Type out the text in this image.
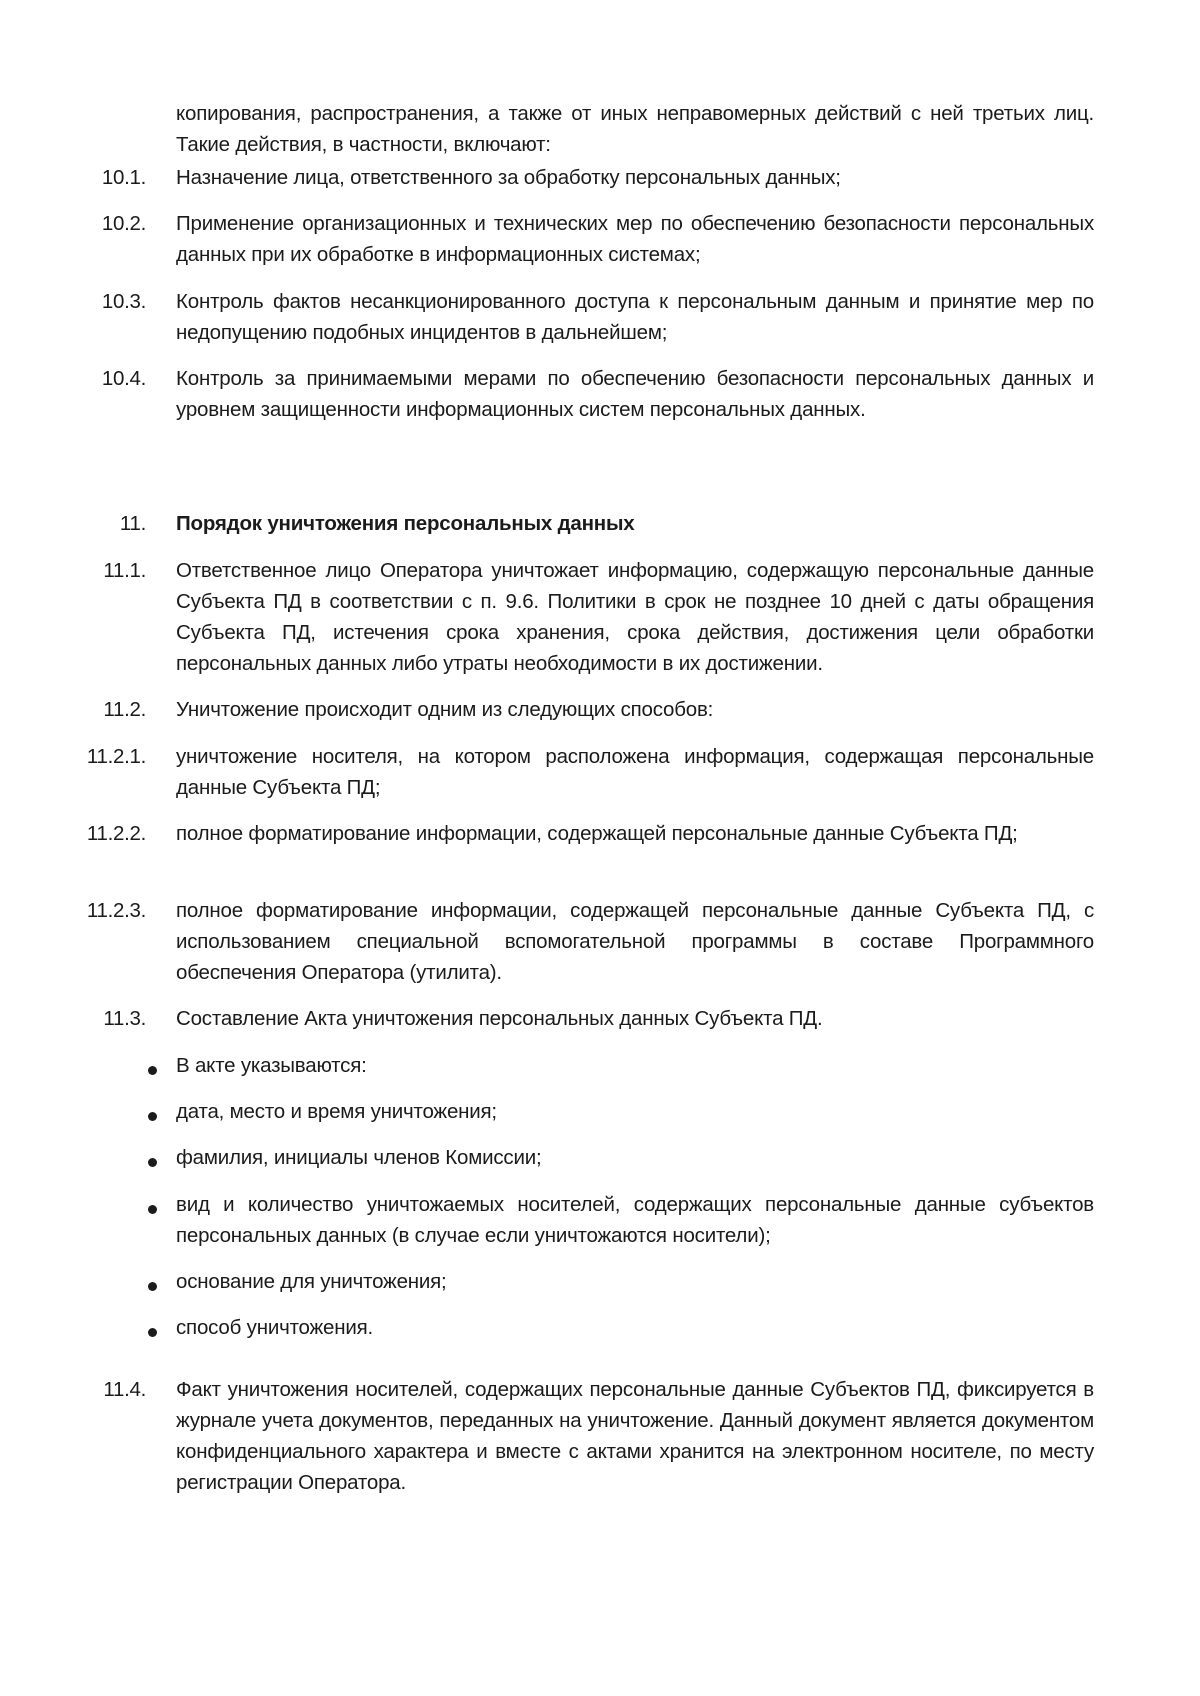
копирования, распространения, а также от иных неправомерных действий с ней третьих лиц. Такие действия, в частности, включают:
10.1. Назначение лица, ответственного за обработку персональных данных;
10.2. Применение организационных и технических мер по обеспечению безопасности персональных данных при их обработке в информационных системах;
10.3. Контроль фактов несанкционированного доступа к персональным данным и принятие мер по недопущению подобных инцидентов в дальнейшем;
10.4. Контроль за принимаемыми мерами по обеспечению безопасности персональных данных и уровнем защищенности информационных систем персональных данных.
11. Порядок уничтожения персональных данных
11.1. Ответственное лицо Оператора уничтожает информацию, содержащую персональные данные Субъекта ПД в соответствии с п. 9.6. Политики в срок не позднее 10 дней с даты обращения Субъекта ПД, истечения срока хранения, срока действия, достижения цели обработки персональных данных либо утраты необходимости в их достижении.
11.2. Уничтожение происходит одним из следующих способов:
11.2.1. уничтожение носителя, на котором расположена информация, содержащая персональные данные Субъекта ПД;
11.2.2. полное форматирование информации, содержащей персональные данные Субъекта ПД;
11.2.3. полное форматирование информации, содержащей персональные данные Субъекта ПД, с использованием специальной вспомогательной программы в составе Программного обеспечения Оператора (утилита).
11.3. Составление Акта уничтожения персональных данных Субъекта ПД.
В акте указываются:
дата, место и время уничтожения;
фамилия, инициалы членов Комиссии;
вид и количество уничтожаемых носителей, содержащих персональные данные субъектов персональных данных (в случае если уничтожаются носители);
основание для уничтожения;
способ уничтожения.
11.4. Факт уничтожения носителей, содержащих персональные данные Субъектов ПД, фиксируется в журнале учета документов, переданных на уничтожение. Данный документ является документом конфиденциального характера и вместе с актами хранится на электронном носителе, по месту регистрации Оператора.
